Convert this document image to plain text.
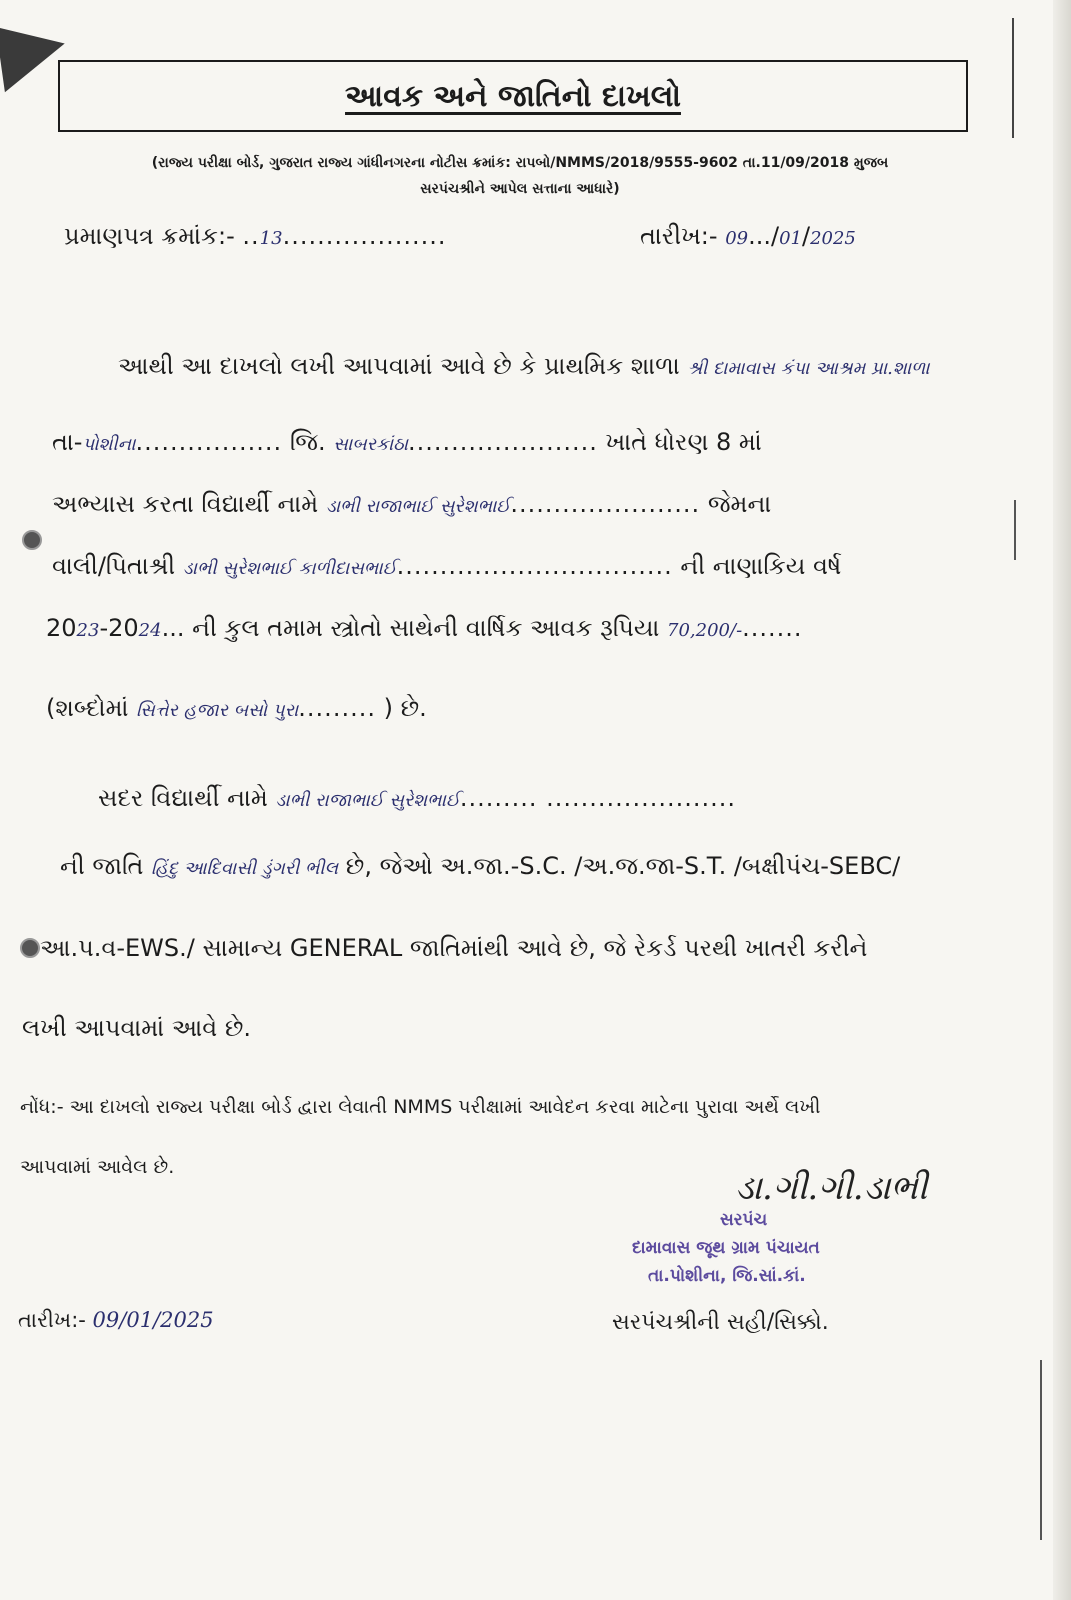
આવક અને જાતિનો દાખલો
(રાજ્ય પરીક્ષા બોર્ડ, ગુજરાત રાજ્ય ગાંધીનગરના નોટીસ ક્રમાંક: રાપબો/NMMS/2018/9555-9602 તા.11/09/2018 મુજબ
સરપંચશ્રીને આપેલ સત્તાના આધારે)
પ્રમાણપત્ર ક્રમાંક:- ..13...................	તારીખ:- 09.../01/2025
આથી આ દાખલો લખી આપવામાં આવે છે કે પ્રાથમિક શાળા શ્રી દામાવાસ કંપા આશ્રમ પ્રા.શાળા
તા-પોશીના................. જિ. સાબરકાંઠા...................... ખાતે ધોરણ 8 માં
અભ્યાસ કરતા વિદ્યાર્થી નામે ડાભી રાજાભાઈ સુરેશભાઈ...................... જેમના
વાલી/પિતાશ્રી ડાભી સુરેશભાઈ કાળીદાસભાઈ................................ ની નાણાકિય વર્ષ
2023-2024... ની કુલ તમામ સ્ત્રોતો સાથેની વાર્ષિક આવક રૂપિયા 70,200/-.......
(શબ્દોમાં સિત્તેર હજાર બસો પુરા......... ) છે.
સદર વિદ્યાર્થી નામે ડાભી રાજાભાઈ સુરેશભાઈ......... ......................
ની જાતિ હિંદુ આદિવાસી ડુંગરી ભીલ છે, જેઓ અ.જા.-S.C. /અ.જ.જા-S.T. /બક્ષીપંચ-SEBC/
આ.પ.વ-EWS./ સામાન્ય GENERAL જાતિમાંથી આવે છે, જે રેકર્ડ પરથી ખાતરી કરીને
લખી આપવામાં આવે છે.
નોંધ:- આ દાખલો રાજ્ય પરીક્ષા બોર્ડ દ્વારા લેવાતી NMMS પરીક્ષામાં આવેદન કરવા માટેના પુરાવા અર્થે લખી
આપવામાં આવેલ છે.
ડા.ગી.ગી.ડાભી
સરપંચ
દામાવાસ જૂથ ગ્રામ પંચાયત
તા.પોશીના, જિ.સાં.કાં.
તારીખ:- 09/01/2025	સરપંચશ્રીની સહી/સિક્કો.
